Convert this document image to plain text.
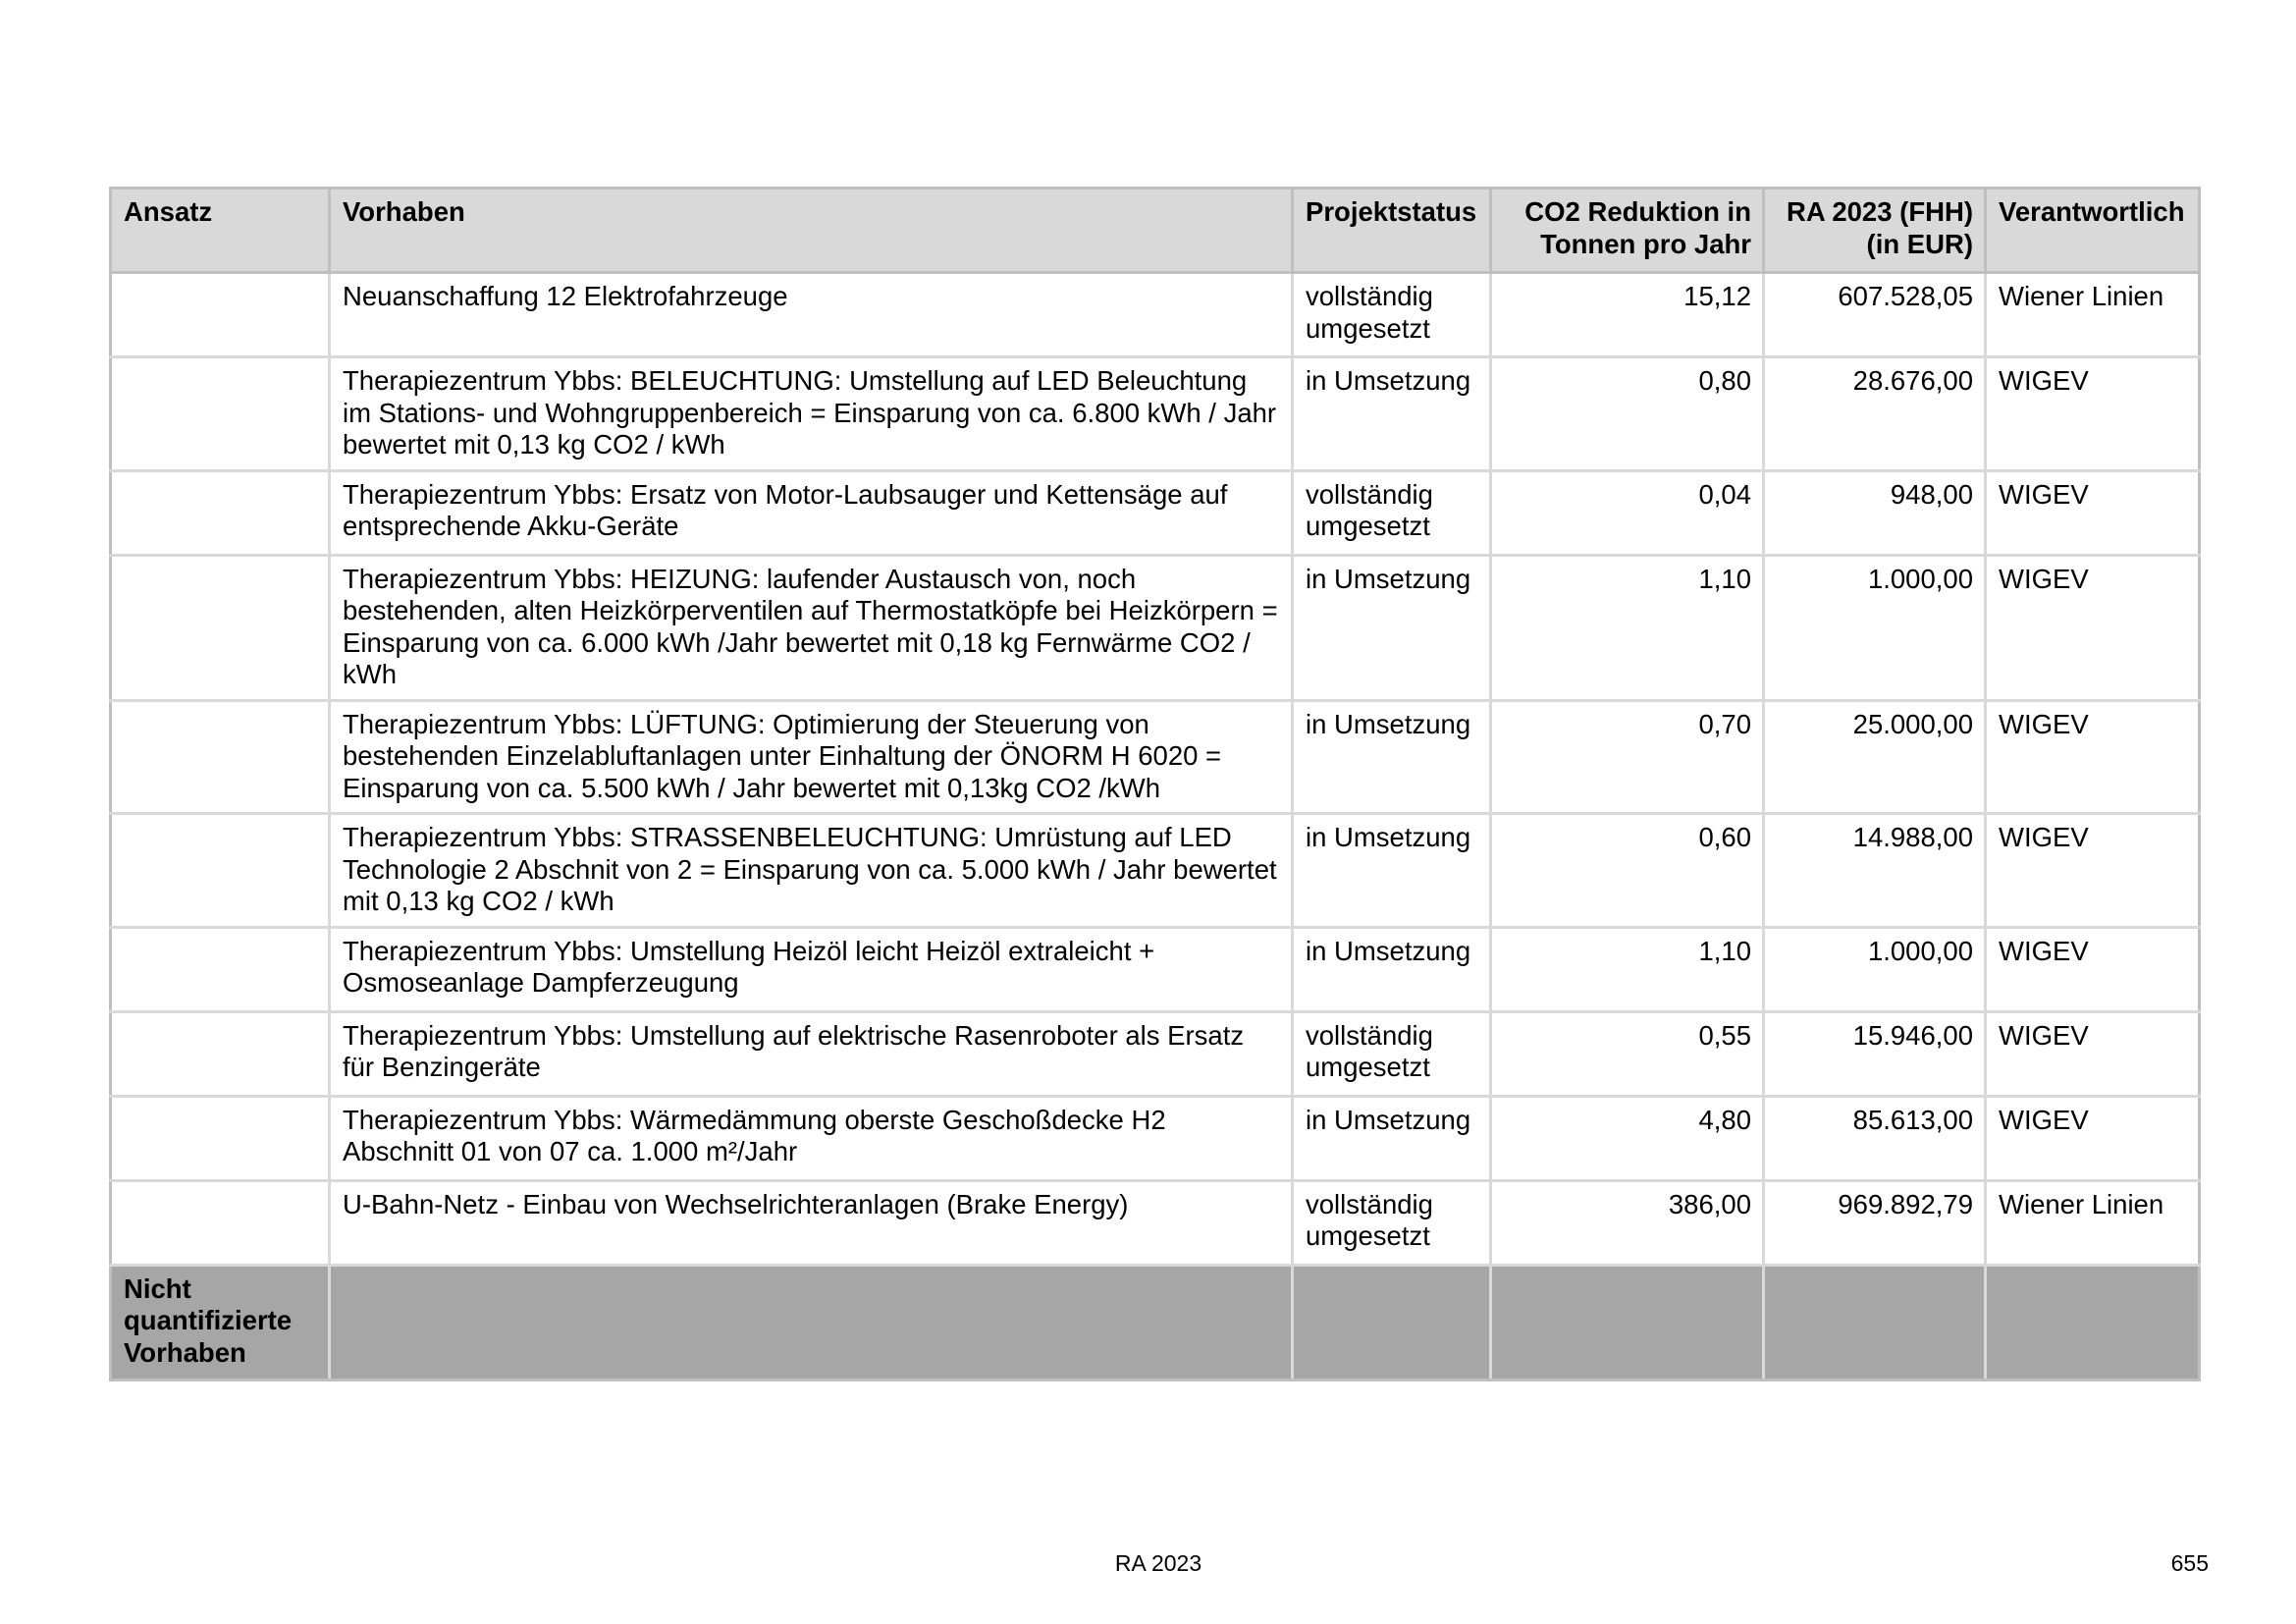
Ansatz	Vorhaben	Projektstatus	CO2 Reduktion in Tonnen pro Jahr	RA 2023 (FHH) (in EUR)	Verantwortlich
	Neuanschaffung 12 Elektrofahrzeuge	vollständig umgesetzt	15,12	607.528,05	Wiener Linien
	Therapiezentrum Ybbs: BELEUCHTUNG: Umstellung auf LED Beleuchtung im Stations- und Wohngruppenbereich = Einsparung von ca. 6.800 kWh / Jahr bewertet mit 0,13 kg CO2 / kWh	in Umsetzung	0,80	28.676,00	WIGEV
	Therapiezentrum Ybbs: Ersatz von Motor-Laubsauger und Kettensäge auf entsprechende Akku-Geräte	vollständig umgesetzt	0,04	948,00	WIGEV
	Therapiezentrum Ybbs: HEIZUNG: laufender Austausch von, noch bestehenden, alten Heizkörperventilen auf Thermostatköpfe bei Heizkörpern = Einsparung von ca. 6.000 kWh /Jahr bewertet mit 0,18 kg Fernwärme CO2 / kWh	in Umsetzung	1,10	1.000,00	WIGEV
	Therapiezentrum Ybbs: LÜFTUNG: Optimierung der Steuerung von bestehenden Einzelabluftanlagen unter Einhaltung der ÖNORM H 6020 = Einsparung von ca. 5.500 kWh / Jahr bewertet mit 0,13kg CO2 /kWh	in Umsetzung	0,70	25.000,00	WIGEV
	Therapiezentrum Ybbs: STRASSENBELEUCHTUNG: Umrüstung auf LED Technologie 2 Abschnit von 2 = Einsparung von ca. 5.000 kWh / Jahr bewertet mit 0,13 kg CO2 / kWh	in Umsetzung	0,60	14.988,00	WIGEV
	Therapiezentrum Ybbs: Umstellung Heizöl leicht Heizöl extraleicht + Osmoseanlage Dampferzeugung	in Umsetzung	1,10	1.000,00	WIGEV
	Therapiezentrum Ybbs: Umstellung auf elektrische Rasenroboter als Ersatz für Benzingeräte	vollständig umgesetzt	0,55	15.946,00	WIGEV
	Therapiezentrum Ybbs: Wärmedämmung oberste Geschoßdecke H2 Abschnitt 01 von 07 ca. 1.000 m²/Jahr	in Umsetzung	4,80	85.613,00	WIGEV
	U-Bahn-Netz - Einbau von Wechselrichteranlagen (Brake Energy)	vollständig umgesetzt	386,00	969.892,79	Wiener Linien
Nicht quantifizierte Vorhaben					
RA 2023	655
